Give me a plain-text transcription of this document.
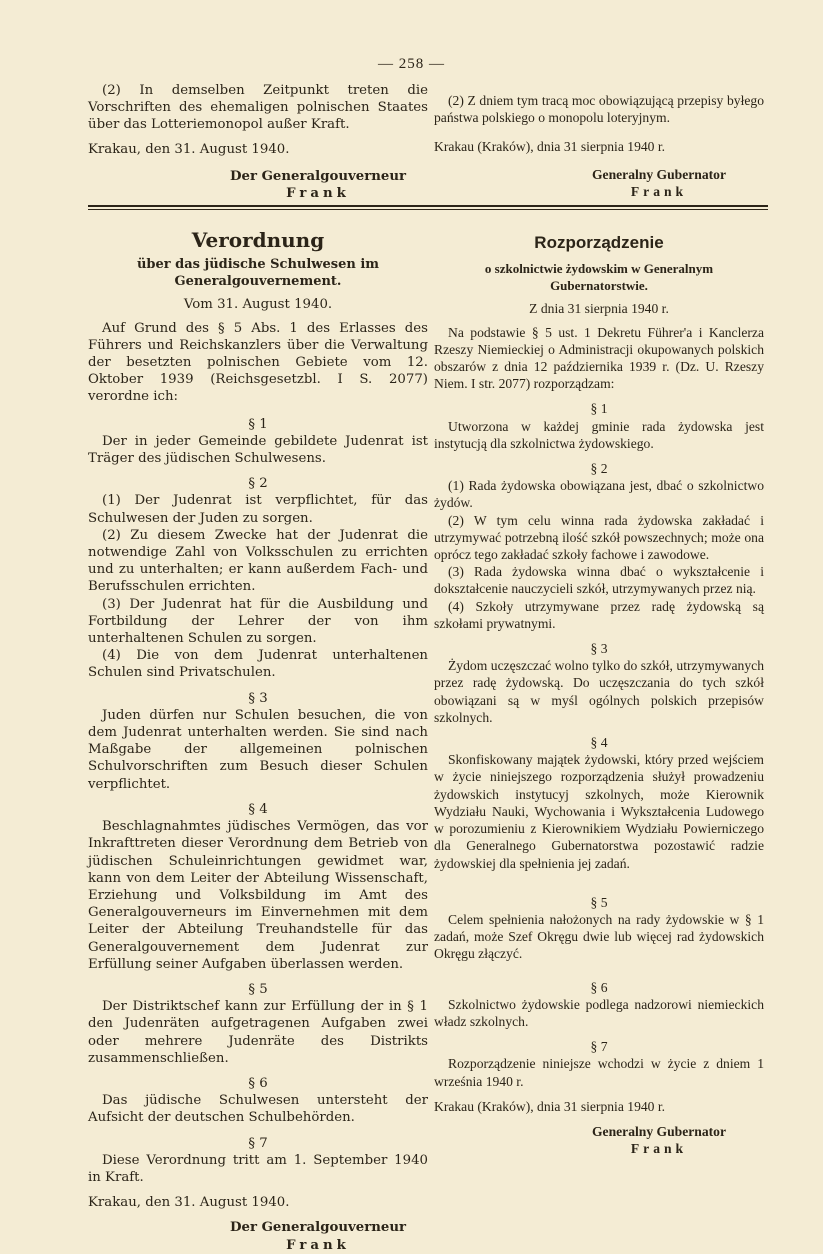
— 258 —

(2) In demselben Zeitpunkt treten die Vorschriften des ehemaligen polnischen Staates über das Lotteriemonopol außer Kraft.

Krakau, den 31. August 1940.

Der Generalgouverneur

Frank

(2) Z dniem tym tracą moc obowiązującą przepisy byłego państwa polskiego o monopolu loteryjnym.

Krakau (Kraków), dnia 31 sierpnia 1940 r.

Generalny Gubernator

Frank

Verordnung

über das jüdische Schulwesen im Generalgouvernement.

Vom 31. August 1940.

Auf Grund des § 5 Abs. 1 des Erlasses des Führers und Reichskanzlers über die Verwaltung der besetzten polnischen Gebiete vom 12. Oktober 1939 (Reichsgesetzbl. I S. 2077) verordne ich:

§ 1

Der in jeder Gemeinde gebildete Judenrat ist Träger des jüdischen Schulwesens.

§ 2

(1) Der Judenrat ist verpflichtet, für das Schulwesen der Juden zu sorgen.

(2) Zu diesem Zwecke hat der Judenrat die notwendige Zahl von Volksschulen zu errichten und zu unterhalten; er kann außerdem Fach- und Berufsschulen errichten.

(3) Der Judenrat hat für die Ausbildung und Fortbildung der Lehrer der von ihm unterhaltenen Schulen zu sorgen.

(4) Die von dem Judenrat unterhaltenen Schulen sind Privatschulen.

§ 3

Juden dürfen nur Schulen besuchen, die von dem Judenrat unterhalten werden. Sie sind nach Maßgabe der allgemeinen polnischen Schulvorschriften zum Besuch dieser Schulen verpflichtet.

§ 4

Beschlagnahmtes jüdisches Vermögen, das vor Inkrafttreten dieser Verordnung dem Betrieb von jüdischen Schuleinrichtungen gewidmet war, kann von dem Leiter der Abteilung Wissenschaft, Erziehung und Volksbildung im Amt des Generalgouverneurs im Einvernehmen mit dem Leiter der Abteilung Treuhandstelle für das Generalgouvernement dem Judenrat zur Erfüllung seiner Aufgaben überlassen werden.

§ 5

Der Distriktschef kann zur Erfüllung der in § 1 den Judenräten aufgetragenen Aufgaben zwei oder mehrere Judenräte des Distrikts zusammenschließen.

§ 6

Das jüdische Schulwesen untersteht der Aufsicht der deutschen Schulbehörden.

§ 7

Diese Verordnung tritt am 1. September 1940 in Kraft.

Krakau, den 31. August 1940.

Der Generalgouverneur

Frank

Rozporządzenie

o szkolnictwie żydowskim w Generalnym Gubernatorstwie.

Z dnia 31 sierpnia 1940 r.

Na podstawie § 5 ust. 1 Dekretu Führer'a i Kanclerza Rzeszy Niemieckiej o Administracji okupowanych polskich obszarów z dnia 12 października 1939 r. (Dz. U. Rzeszy Niem. I str. 2077) rozporządzam:

§ 1

Utworzona w każdej gminie rada żydowska jest instytucją dla szkolnictwa żydowskiego.

§ 2

(1) Rada żydowska obowiązana jest, dbać o szkolnictwo żydów.

(2) W tym celu winna rada żydowska zakładać i utrzymywać potrzebną ilość szkół powszechnych; może ona oprócz tego zakładać szkoły fachowe i zawodowe.

(3) Rada żydowska winna dbać o wykształcenie i dokształcenie nauczycieli szkół, utrzymywanych przez nią.

(4) Szkoły utrzymywane przez radę żydowską są szkołami prywatnymi.

§ 3

Żydom uczęszczać wolno tylko do szkół, utrzymywanych przez radę żydowską. Do uczęszczania do tych szkół obowiązani są w myśl ogólnych polskich przepisów szkolnych.

§ 4

Skonfiskowany majątek żydowski, który przed wejściem w życie niniejszego rozporządzenia służył prowadzeniu żydowskich instytucyj szkolnych, może Kierownik Wydziału Nauki, Wychowania i Wykształcenia Ludowego w porozumieniu z Kierownikiem Wydziału Powierniczego dla Generalnego Gubernatorstwa pozostawić radzie żydowskiej dla spełnienia jej zadań.

§ 5

Celem spełnienia nałożonych na rady żydowskie w § 1 zadań, może Szef Okręgu dwie lub więcej rad żydowskich Okręgu złączyć.

§ 6

Szkolnictwo żydowskie podlega nadzorowi niemieckich władz szkolnych.

§ 7

Rozporządzenie niniejsze wchodzi w życie z dniem 1 września 1940 r.

Krakau (Kraków), dnia 31 sierpnia 1940 r.

Generalny Gubernator

Frank
